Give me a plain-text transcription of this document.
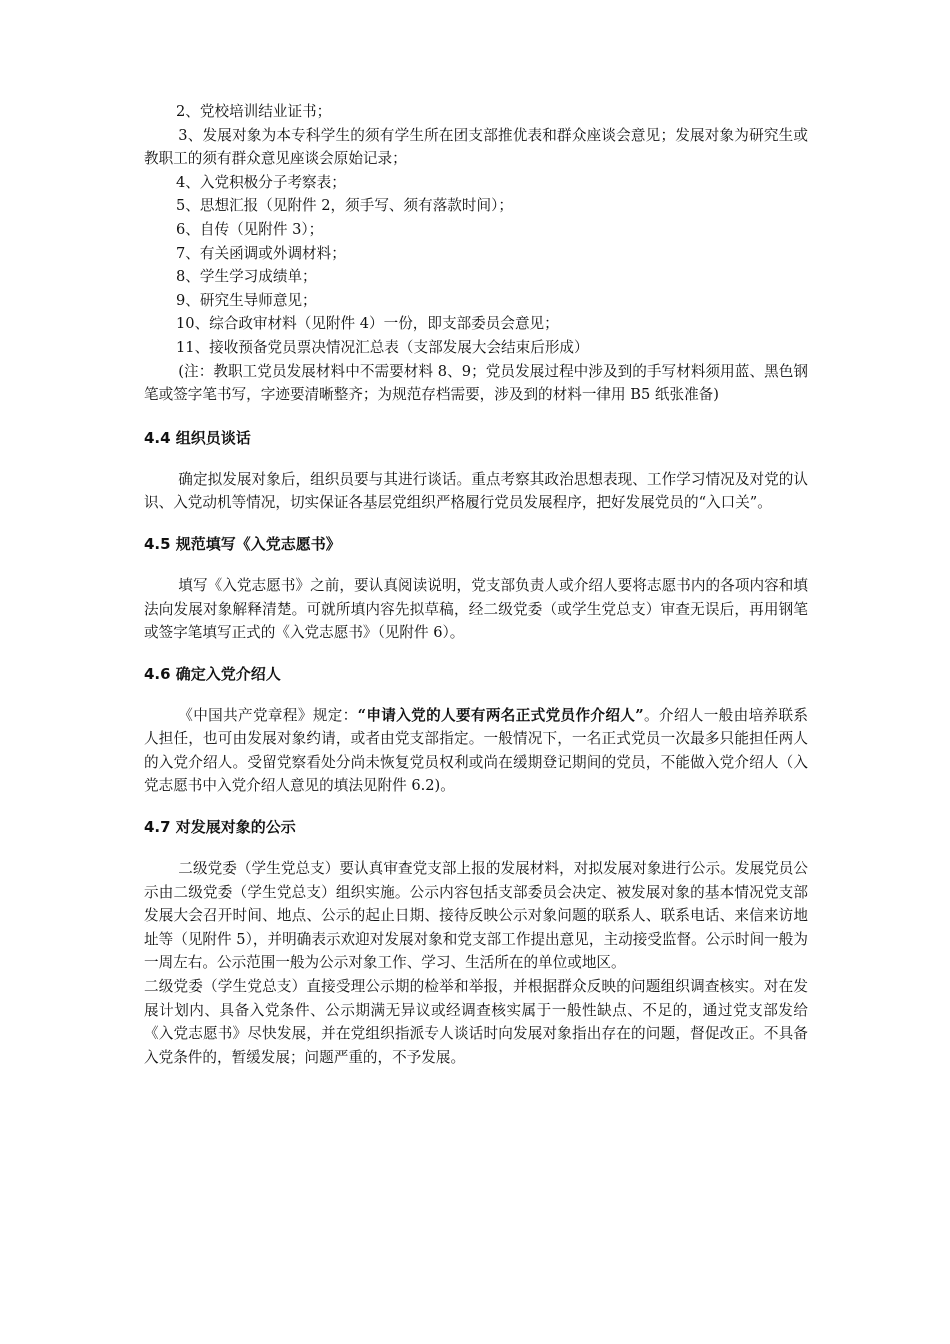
2、党校培训结业证书；

3、发展对象为本专科学生的须有学生所在团支部推优表和群众座谈会意见；发展对象为研究生或教职工的须有群众意见座谈会原始记录；

4、入党积极分子考察表；

5、思想汇报（见附件 2，须手写、须有落款时间）；

6、自传（见附件 3）；

7、有关函调或外调材料；

8、学生学习成绩单；

9、研究生导师意见；

10、综合政审材料（见附件 4）一份，即支部委员会意见；

11、接收预备党员票决情况汇总表（支部发展大会结束后形成）

(注：教职工党员发展材料中不需要材料 8、9；党员发展过程中涉及到的手写材料须用蓝、黑色钢笔或签字笔书写，字迹要清晰整齐；为规范存档需要，涉及到的材料一律用 B5 纸张准备)

4.4 组织员谈话

确定拟发展对象后，组织员要与其进行谈话。重点考察其政治思想表现、工作学习情况及对党的认识、入党动机等情况，切实保证各基层党组织严格履行党员发展程序，把好发展党员的“入口关”。

4.5 规范填写《入党志愿书》

填写《入党志愿书》之前，要认真阅读说明，党支部负责人或介绍人要将志愿书内的各项内容和填法向发展对象解释清楚。可就所填内容先拟草稿，经二级党委（或学生党总支）审查无误后，再用钢笔或签字笔填写正式的《入党志愿书》（见附件 6）。

4.6 确定入党介绍人

《中国共产党章程》规定：“申请入党的人要有两名正式党员作介绍人”。介绍人一般由培养联系人担任，也可由发展对象约请，或者由党支部指定。一般情况下，一名正式党员一次最多只能担任两人的入党介绍人。受留党察看处分尚未恢复党员权利或尚在缓期登记期间的党员，不能做入党介绍人（入党志愿书中入党介绍人意见的填法见附件 6.2)。

4.7 对发展对象的公示

二级党委（学生党总支）要认真审查党支部上报的发展材料，对拟发展对象进行公示。发展党员公示由二级党委（学生党总支）组织实施。公示内容包括支部委员会决定、被发展对象的基本情况党支部发展大会召开时间、地点、公示的起止日期、接待反映公示对象问题的联系人、联系电话、来信来访地址等（见附件 5），并明确表示欢迎对发展对象和党支部工作提出意见，主动接受监督。公示时间一般为一周左右。公示范围一般为公示对象工作、学习、生活所在的单位或地区。

二级党委（学生党总支）直接受理公示期的检举和举报，并根据群众反映的问题组织调查核实。对在发展计划内、具备入党条件、公示期满无异议或经调查核实属于一般性缺点、不足的，通过党支部发给《入党志愿书》尽快发展，并在党组织指派专人谈话时向发展对象指出存在的问题，督促改正。不具备入党条件的，暂缓发展；问题严重的，不予发展。
